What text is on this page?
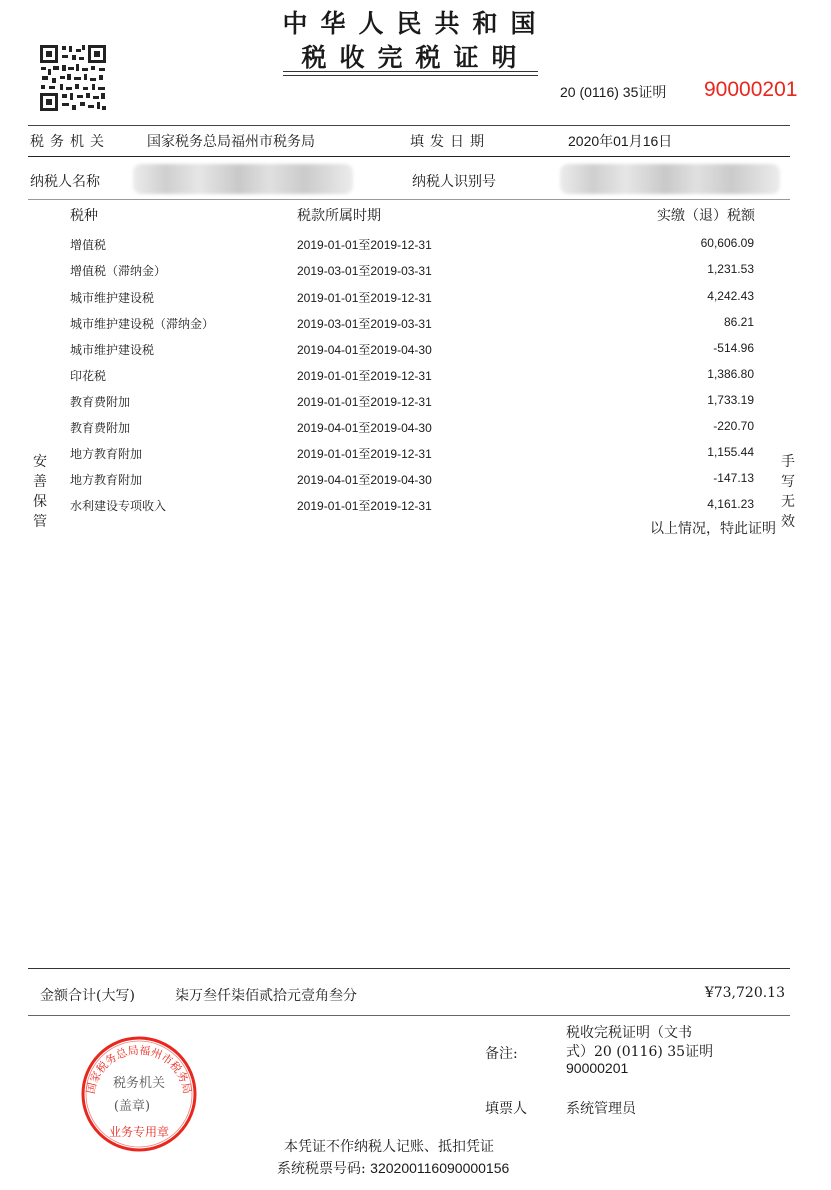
中华人民共和国
税收完税证明
20 (0116) 35证明 90000201
税务机关	国家税务总局福州市税务局	填发日期	2020年01月16日
纳税人名称	纳税人识别号
税种	税款所属时期	实缴（退）税额
增值税	2019-01-01至2019-12-31	60,606.09
增值税（滞纳金）	2019-03-01至2019-03-31	1,231.53
城市维护建设税	2019-01-01至2019-12-31	4,242.43
城市维护建设税（滞纳金）	2019-03-01至2019-03-31	86.21
城市维护建设税	2019-04-01至2019-04-30	-514.96
印花税	2019-01-01至2019-12-31	1,386.80
教育费附加	2019-01-01至2019-12-31	1,733.19
教育费附加	2019-04-01至2019-04-30	-220.70
地方教育附加	2019-01-01至2019-12-31	1,155.44
地方教育附加	2019-04-01至2019-04-30	-147.13
水利建设专项收入	2019-01-01至2019-12-31	4,161.23
以上情况，特此证明
安
善
保
管
手
写
无
效
金额合计(大写)	柒万叁仟柒佰贰拾元壹角叁分	¥73,720.13
备注:
税收完税证明（文书
式）20 (0116) 35证明
90000201
填票人	系统管理员
本凭证不作纳税人记账、抵扣凭证
系统税票号码: 320200116090000156
国家税务总局福州市税务局
税务机关
(盖章)
业务专用章
